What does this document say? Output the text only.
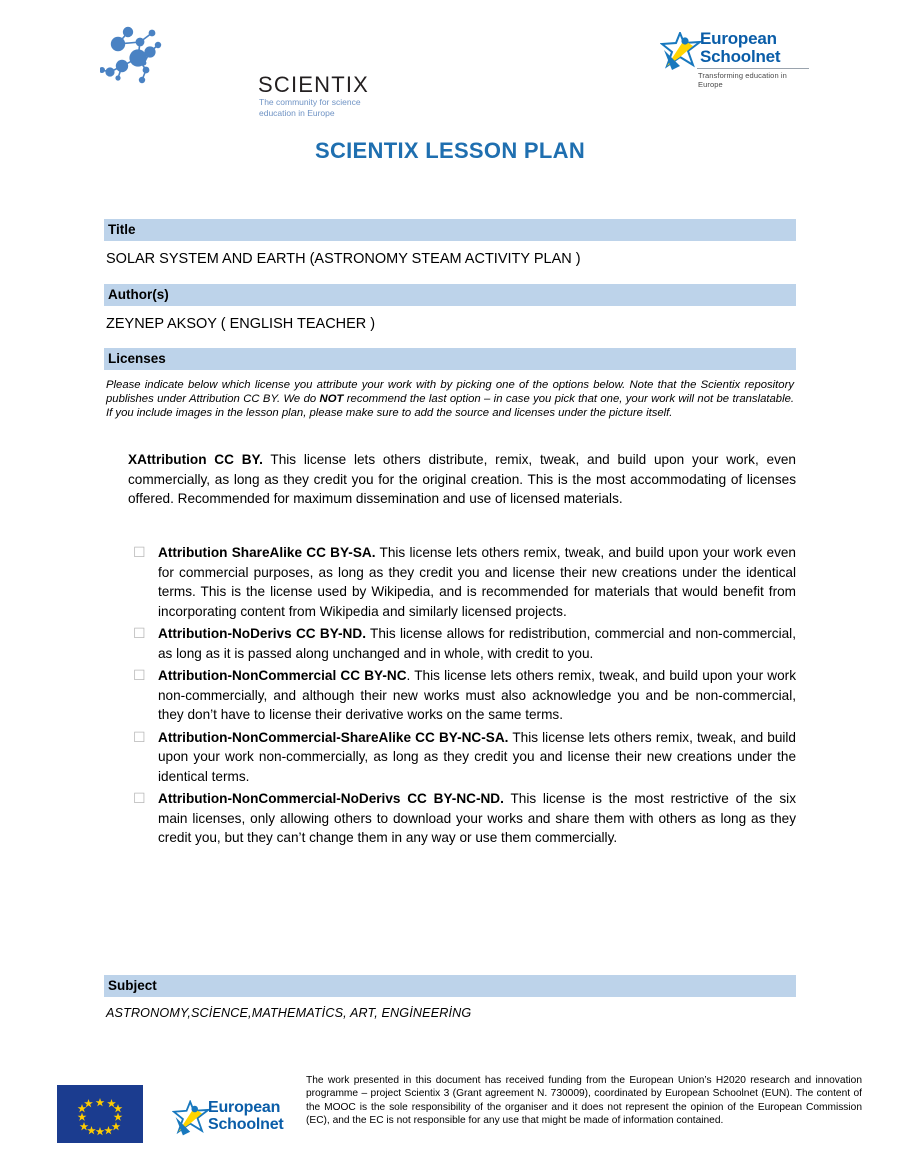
SCIENTIX
The community for science
education in Europe
European
Schoolnet
Transforming education in Europe
SCIENTIX LESSON PLAN
Title
SOLAR SYSTEM AND EARTH (ASTRONOMY STEAM ACTIVITY PLAN )
Author(s)
ZEYNEP AKSOY ( ENGLISH TEACHER )
Licenses
Please indicate below which license you attribute your work with by picking one of the options below. Note that the Scientix repository publishes under Attribution CC BY. We do NOT recommend the last option – in case you pick that one, your work will not be translatable. If you include images in the lesson plan, please make sure to add the source and licenses under the picture itself.
XAttribution CC BY. This license lets others distribute, remix, tweak, and build upon your work, even commercially, as long as they credit you for the original creation. This is the most accommodating of licenses offered. Recommended for maximum dissemination and use of licensed materials.
☐ Attribution ShareAlike CC BY-SA. This license lets others remix, tweak, and build upon your work even for commercial purposes, as long as they credit you and license their new creations under the identical terms. This is the license used by Wikipedia, and is recommended for materials that would benefit from incorporating content from Wikipedia and similarly licensed projects.
☐ Attribution-NoDerivs CC BY-ND. This license allows for redistribution, commercial and non-commercial, as long as it is passed along unchanged and in whole, with credit to you.
☐ Attribution-NonCommercial CC BY-NC. This license lets others remix, tweak, and build upon your work non-commercially, and although their new works must also acknowledge you and be non-commercial, they don’t have to license their derivative works on the same terms.
☐ Attribution-NonCommercial-ShareAlike CC BY-NC-SA. This license lets others remix, tweak, and build upon your work non-commercially, as long as they credit you and license their new creations under the identical terms.
☐ Attribution-NonCommercial-NoDerivs CC BY-NC-ND. This license is the most restrictive of the six main licenses, only allowing others to download your works and share them with others as long as they credit you, but they can’t change them in any way or use them commercially.
Subject
ASTRONOMY,SCİENCE,MATHEMATİCS, ART, ENGİNEERİNG
European
Schoolnet
The work presented in this document has received funding from the European Union’s H2020 research and innovation programme – project Scientix 3 (Grant agreement N. 730009), coordinated by European Schoolnet (EUN). The content of the MOOC is the sole responsibility of the organiser and it does not represent the opinion of the European Commission (EC), and the EC is not responsible for any use that might be made of information contained.
